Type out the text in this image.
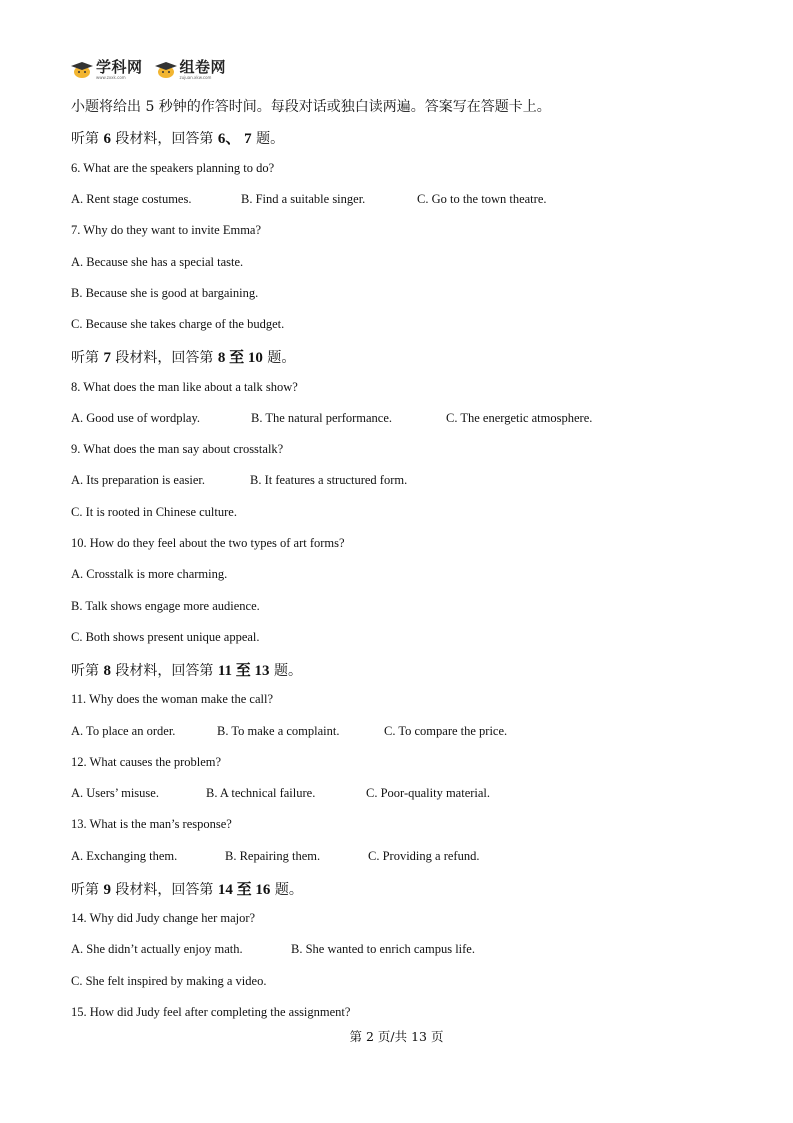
学科网
www.zxxk.com
组卷网
zujuan.xkw.com
小题将给出 5 秒钟的作答时间。每段对话或独白读两遍。答案写在答题卡上。
听第 6 段材料，回答第 6、 7 题。
6. What are the speakers planning to do?
A. Rent stage costumes.	B. Find a suitable singer.	C. Go to the town theatre.
7. Why do they want to invite Emma?
A. Because she has a special taste.
B. Because she is good at bargaining.
C. Because she takes charge of the budget.
听第 7 段材料，回答第 8 至 10 题。
8. What does the man like about a talk show?
A. Good use of wordplay.	B. The natural performance.	C. The energetic atmosphere.
9. What does the man say about crosstalk?
A. Its preparation is easier.	B. It features a structured form.
C. It is rooted in Chinese culture.
10. How do they feel about the two types of art forms?
A. Crosstalk is more charming.
B. Talk shows engage more audience.
C. Both shows present unique appeal.
听第 8 段材料，回答第 11 至 13 题。
11. Why does the woman make the call?
A. To place an order.	B. To make a complaint.	C. To compare the price.
12. What causes the problem?
A. Users’ misuse.	B. A technical failure.	C. Poor-quality material.
13. What is the man’s response?
A. Exchanging them.	B. Repairing them.	C. Providing a refund.
听第 9 段材料，回答第 14 至 16 题。
14. Why did Judy change her major?
A. She didn’t actually enjoy math.	B. She wanted to enrich campus life.
C. She felt inspired by making a video.
15. How did Judy feel after completing the assignment?
第 2 页/共 13 页
